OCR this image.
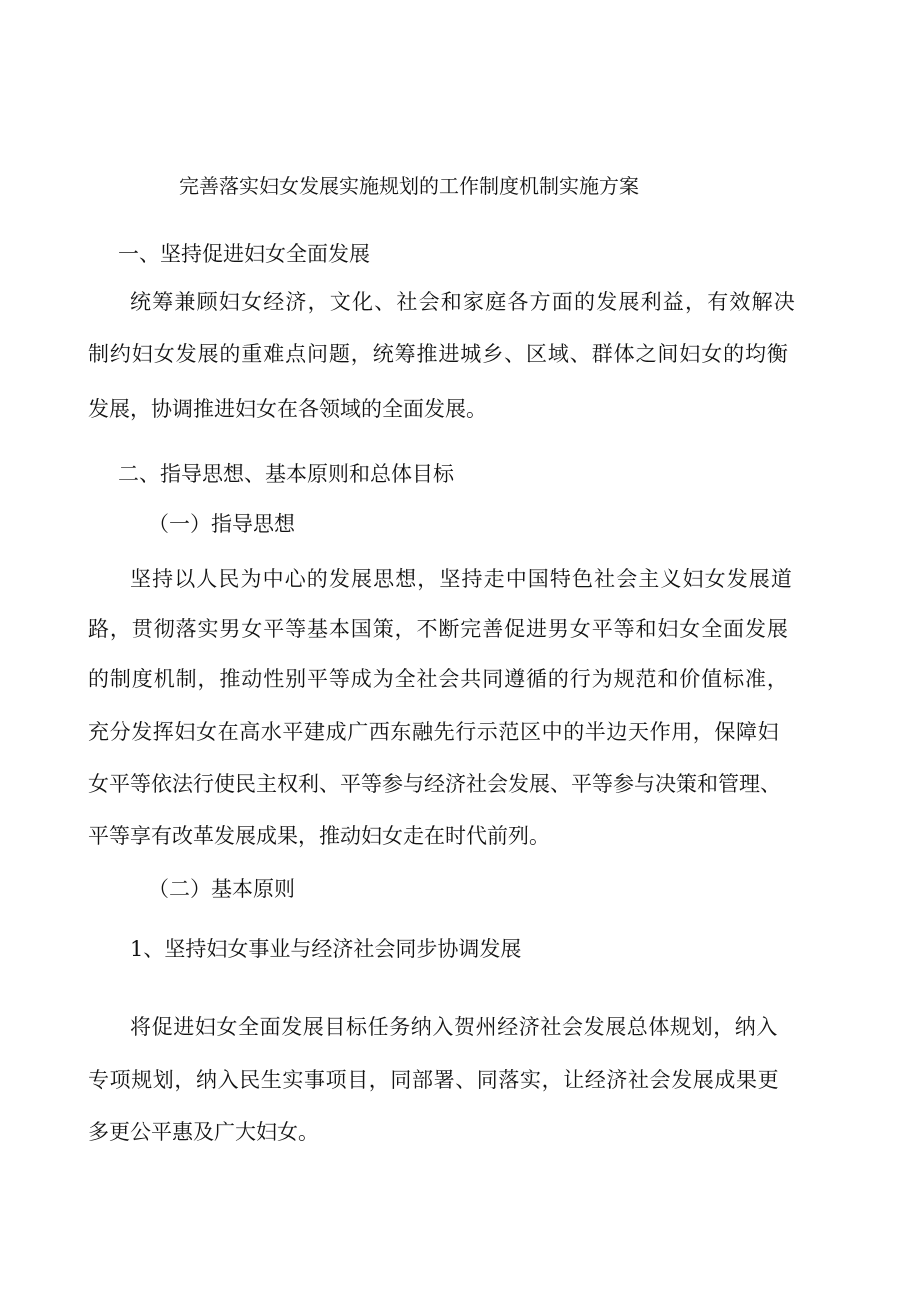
完善落实妇女发展实施规划的工作制度机制实施方案
一、坚持促进妇女全面发展
统筹兼顾妇女经济，文化、社会和家庭各方面的发展利益，有效解决
制约妇女发展的重难点问题，统筹推进城乡、区域、群体之间妇女的均衡
发展，协调推进妇女在各领域的全面发展。
二、指导思想、基本原则和总体目标
（一）指导思想
坚持以人民为中心的发展思想，坚持走中国特色社会主义妇女发展道
路，贯彻落实男女平等基本国策，不断完善促进男女平等和妇女全面发展
的制度机制，推动性别平等成为全社会共同遵循的行为规范和价值标准，
充分发挥妇女在高水平建成广西东融先行示范区中的半边天作用，保障妇
女平等依法行使民主权利、平等参与经济社会发展、平等参与决策和管理、
平等享有改革发展成果，推动妇女走在时代前列。
（二）基本原则
1、坚持妇女事业与经济社会同步协调发展
将促进妇女全面发展目标任务纳入贺州经济社会发展总体规划，纳入
专项规划，纳入民生实事项目，同部署、同落实，让经济社会发展成果更
多更公平惠及广大妇女。
